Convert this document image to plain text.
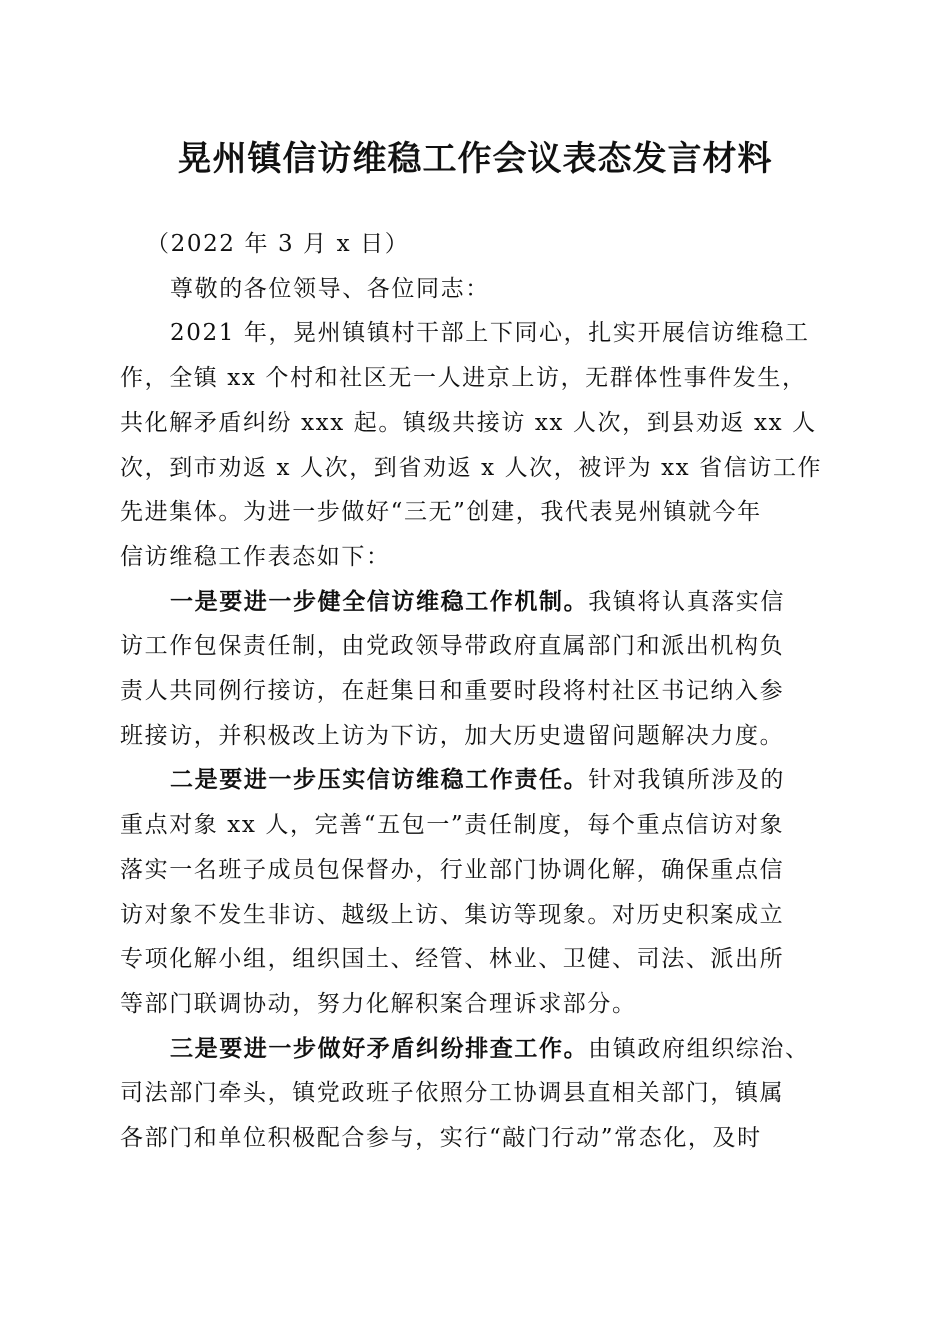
晃州镇信访维稳工作会议表态发言材料

（2022 年 3 月 x 日）

尊敬的各位领导、各位同志：

2021 年，晃州镇镇村干部上下同心，扎实开展信访维稳工

作，全镇 xx 个村和社区无一人进京上访，无群体性事件发生，

共化解矛盾纠纷 xxx 起。镇级共接访 xx 人次，到县劝返 xx 人

次，到市劝返 x 人次，到省劝返 x 人次，被评为 xx 省信访工作

先进集体。为进一步做好“三无”创建，我代表晃州镇就今年

信访维稳工作表态如下：

一是要进一步健全信访维稳工作机制。我镇将认真落实信

访工作包保责任制，由党政领导带政府直属部门和派出机构负

责人共同例行接访，在赶集日和重要时段将村社区书记纳入参

班接访，并积极改上访为下访，加大历史遗留问题解决力度。

二是要进一步压实信访维稳工作责任。针对我镇所涉及的

重点对象 xx 人，完善“五包一”责任制度，每个重点信访对象

落实一名班子成员包保督办，行业部门协调化解，确保重点信

访对象不发生非访、越级上访、集访等现象。对历史积案成立

专项化解小组，组织国土、经管、林业、卫健、司法、派出所

等部门联调协动，努力化解积案合理诉求部分。

三是要进一步做好矛盾纠纷排查工作。由镇政府组织综治、

司法部门牵头，镇党政班子依照分工协调县直相关部门，镇属

各部门和单位积极配合参与，实行“敲门行动”常态化，及时
